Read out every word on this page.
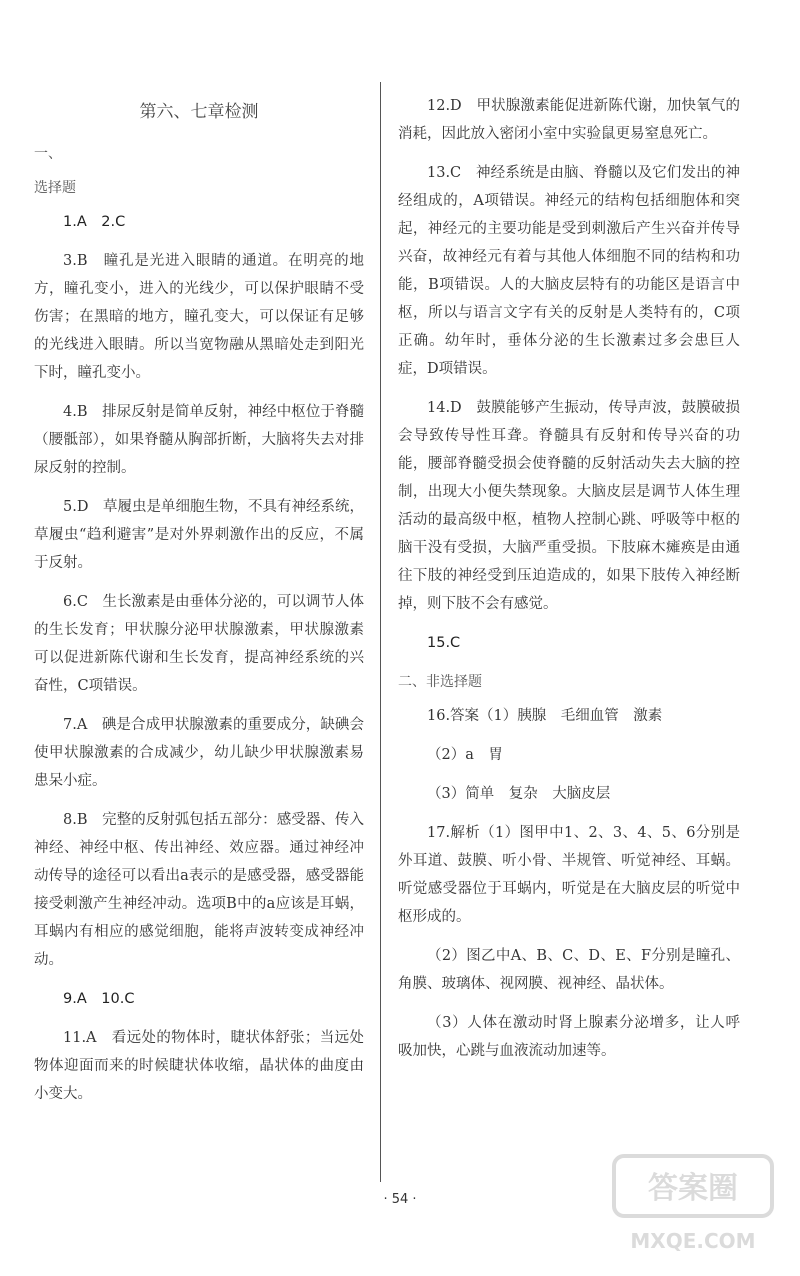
第六、七章检测
一、
选择题

1.A　2.C

3.B　瞳孔是光进入眼睛的通道。在明亮的地方，瞳孔变小，进入的光线少，可以保护眼睛不受伤害；在黑暗的地方，瞳孔变大，可以保证有足够的光线进入眼睛。所以当宽物融从黑暗处走到阳光下时，瞳孔变小。

4.B　排尿反射是简单反射，神经中枢位于脊髓（腰骶部），如果脊髓从胸部折断，大脑将失去对排尿反射的控制。

5.D　草履虫是单细胞生物，不具有神经系统，草履虫“趋利避害”是对外界刺激作出的反应，不属于反射。

6.C　生长激素是由垂体分泌的，可以调节人体的生长发育；甲状腺分泌甲状腺激素，甲状腺激素可以促进新陈代谢和生长发育，提高神经系统的兴奋性，C项错误。

7.A　碘是合成甲状腺激素的重要成分，缺碘会使甲状腺激素的合成减少，幼儿缺少甲状腺激素易患呆小症。

8.B　完整的反射弧包括五部分：感受器、传入神经、神经中枢、传出神经、效应器。通过神经冲动传导的途径可以看出a表示的是感受器，感受器能接受刺激产生神经冲动。选项B中的a应该是耳蜗，耳蜗内有相应的感觉细胞，能将声波转变成神经冲动。

9.A　10.C

11.A　看远处的物体时，睫状体舒张；当远处物体迎面而来的时候睫状体收缩，晶状体的曲度由小变大。

12.D　甲状腺激素能促进新陈代谢，加快氧气的消耗，因此放入密闭小室中实验鼠更易窒息死亡。

13.C　神经系统是由脑、脊髓以及它们发出的神经组成的，A项错误。神经元的结构包括细胞体和突起，神经元的主要功能是受到刺激后产生兴奋并传导兴奋，故神经元有着与其他人体细胞不同的结构和功能，B项错误。人的大脑皮层特有的功能区是语言中枢，所以与语言文字有关的反射是人类特有的，C项正确。幼年时，垂体分泌的生长激素过多会患巨人症，D项错误。

14.D　鼓膜能够产生振动，传导声波，鼓膜破损会导致传导性耳聋。脊髓具有反射和传导兴奋的功能，腰部脊髓受损会使脊髓的反射活动失去大脑的控制，出现大小便失禁现象。大脑皮层是调节人体生理活动的最高级中枢，植物人控制心跳、呼吸等中枢的脑干没有受损，大脑严重受损。下肢麻木瘫痪是由通往下肢的神经受到压迫造成的，如果下肢传入神经断掉，则下肢不会有感觉。

15.C

二、非选择题

16.答案（1）胰腺　毛细血管　激素

（2）a　胃

（3）简单　复杂　大脑皮层

17.解析（1）图甲中1、2、3、4、5、6分别是外耳道、鼓膜、听小骨、半规管、听觉神经、耳蜗。听觉感受器位于耳蜗内，听觉是在大脑皮层的听觉中枢形成的。

（2）图乙中A、B、C、D、E、F分别是瞳孔、角膜、玻璃体、视网膜、视神经、晶状体。

（3）人体在激动时肾上腺素分泌增多，让人呼吸加快，心跳与血液流动加速等。

· 54 ·	答案圈
MXQE.COM
